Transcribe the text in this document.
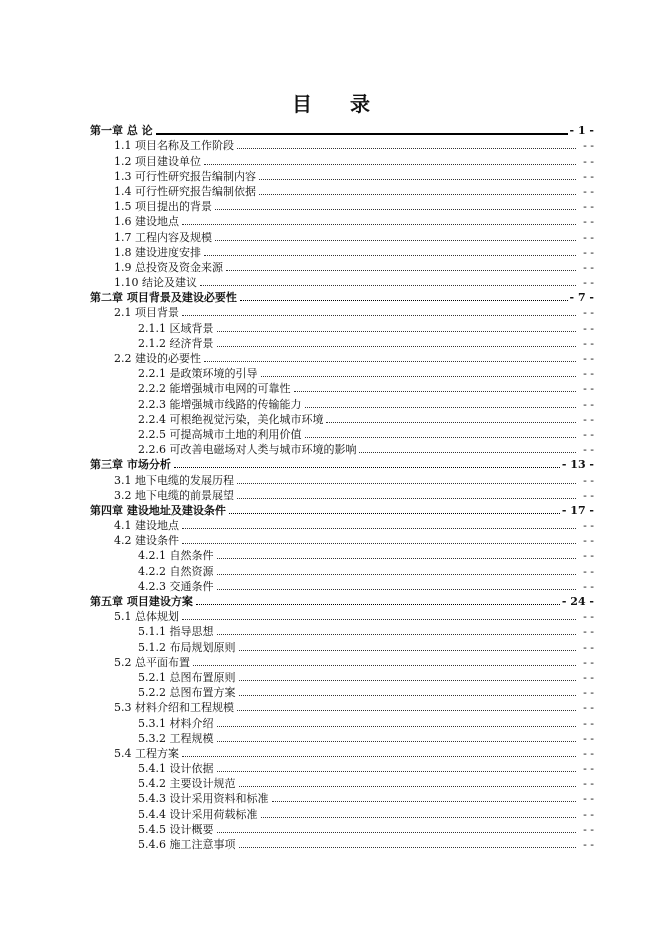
目 录
第一章 总 论	- 1 -
1.1 项目名称及工作阶段	- -
1.2 项目建设单位	- -
1.3 可行性研究报告编制内容	- -
1.4 可行性研究报告编制依据	- -
1.5 项目提出的背景	- -
1.6 建设地点	- -
1.7 工程内容及规模	- -
1.8 建设进度安排	- -
1.9 总投资及资金来源	- -
1.10 结论及建议	- -
第二章 项目背景及建设必要性	- 7 -
2.1 项目背景	- -
2.1.1 区域背景	- -
2.1.2 经济背景	- -
2.2 建设的必要性	- -
2.2.1 是政策环境的引导	- -
2.2.2 能增强城市电网的可靠性	- -
2.2.3 能增强城市线路的传输能力	- -
2.2.4 可根绝视觉污染，美化城市环境	- -
2.2.5 可提高城市土地的利用价值	- -
2.2.6 可改善电磁场对人类与城市环境的影响	- -
第三章 市场分析	- 13 -
3.1 地下电缆的发展历程	- -
3.2 地下电缆的前景展望	- -
第四章 建设地址及建设条件	- 17 -
4.1 建设地点	- -
4.2 建设条件	- -
4.2.1 自然条件	- -
4.2.2 自然资源	- -
4.2.3 交通条件	- -
第五章 项目建设方案	- 24 -
5.1 总体规划	- -
5.1.1 指导思想	- -
5.1.2 布局规划原则	- -
5.2 总平面布置	- -
5.2.1 总图布置原则	- -
5.2.2 总图布置方案	- -
5.3 材料介绍和工程规模	- -
5.3.1 材料介绍	- -
5.3.2 工程规模	- -
5.4 工程方案	- -
5.4.1 设计依据	- -
5.4.2 主要设计规范	- -
5.4.3 设计采用资料和标准	- -
5.4.4 设计采用荷载标准	- -
5.4.5 设计概要	- -
5.4.6 施工注意事项	- -
